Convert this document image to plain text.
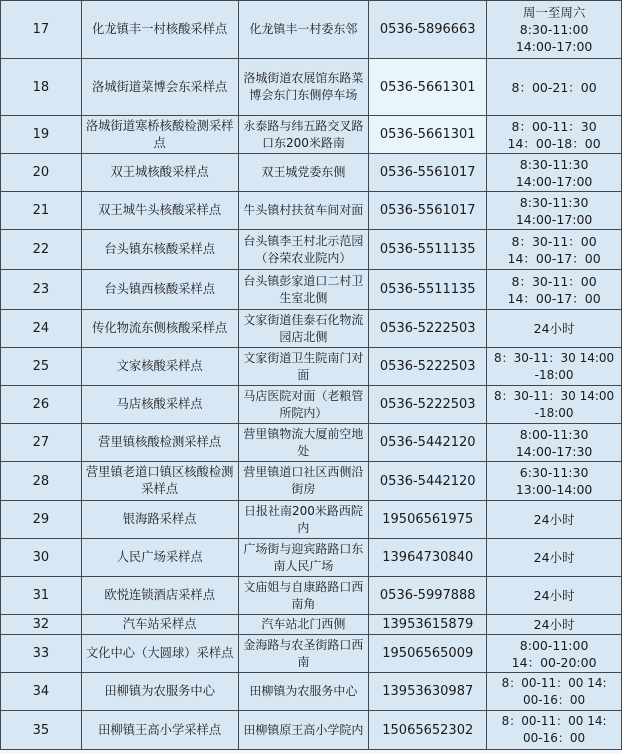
17	化龙镇丰一村核酸采样点	化龙镇丰一村委东邻	0536-5896663	周一至周六
8:30-11:00
14:00-17:00
18	洛城街道菜博会东采样点	洛城街道农展馆东路菜博会东门东侧停车场	0536-5661301	8：00-21：00
19	洛城街道寒桥核酸检测采样点	永泰路与纬五路交叉路口东200米路南	0536-5661301	8：00-11：30
14：00-18：00
20	双王城核酸采样点	双王城党委东侧	0536-5561017	8:30-11:30
14:00-17:00
21	双王城牛头核酸采样点	牛头镇村扶贫车间对面	0536-5561017	8:30-11:30
14:00-17:00
22	台头镇东核酸采样点	台头镇李王村北示范园（谷荣农业院内）	0536-5511135	8：30-11：00
14：00-17：00
23	台头镇西核酸采样点	台头镇彭家道口二村卫生室北侧	0536-5511135	8：30-11：00
14：00-17：00
24	传化物流东侧核酸采样点	文家街道佳泰石化物流园店北侧	0536-5222503	24小时
25	文家核酸采样点	文家街道卫生院南门对面	0536-5222503	8：30-11：30 14:00
-18:00
26	马店核酸采样点	马店医院对面（老粮管所院内）	0536-5222503	8：30-11：30 14:00
-18:00
27	营里镇核酸检测采样点	营里镇物流大厦前空地处	0536-5442120	8:00-11:30
14:00-17:30
28	营里镇老道口镇区核酸检测采样点	营里镇道口社区西侧沿街房	0536-5442120	6:30-11:30
13:00-14:00
29	银海路采样点	日报社南200米路西院内	19506561975	24小时
30	人民广场采样点	广场街与迎宾路路口东南人民广场	13964730840	24小时
31	欧悦连锁酒店采样点	文庙姐与自康路路口西南角	0536-5997888	24小时
32	汽车站采样点	汽车站北门西侧	13953615879	24小时
33	文化中心（大圆球）采样点	金海路与农圣街路口西南	19506565009	8:00-11:00
14：00-20:00
34	田柳镇为农服务中心	田柳镇为农服务中心	13953630987	8：00-11：00 14:
00-16：00
35	田柳镇王高小学采样点	田柳镇原王高小学院内	15065652302	8：00-11：00 14:
00-16：00
